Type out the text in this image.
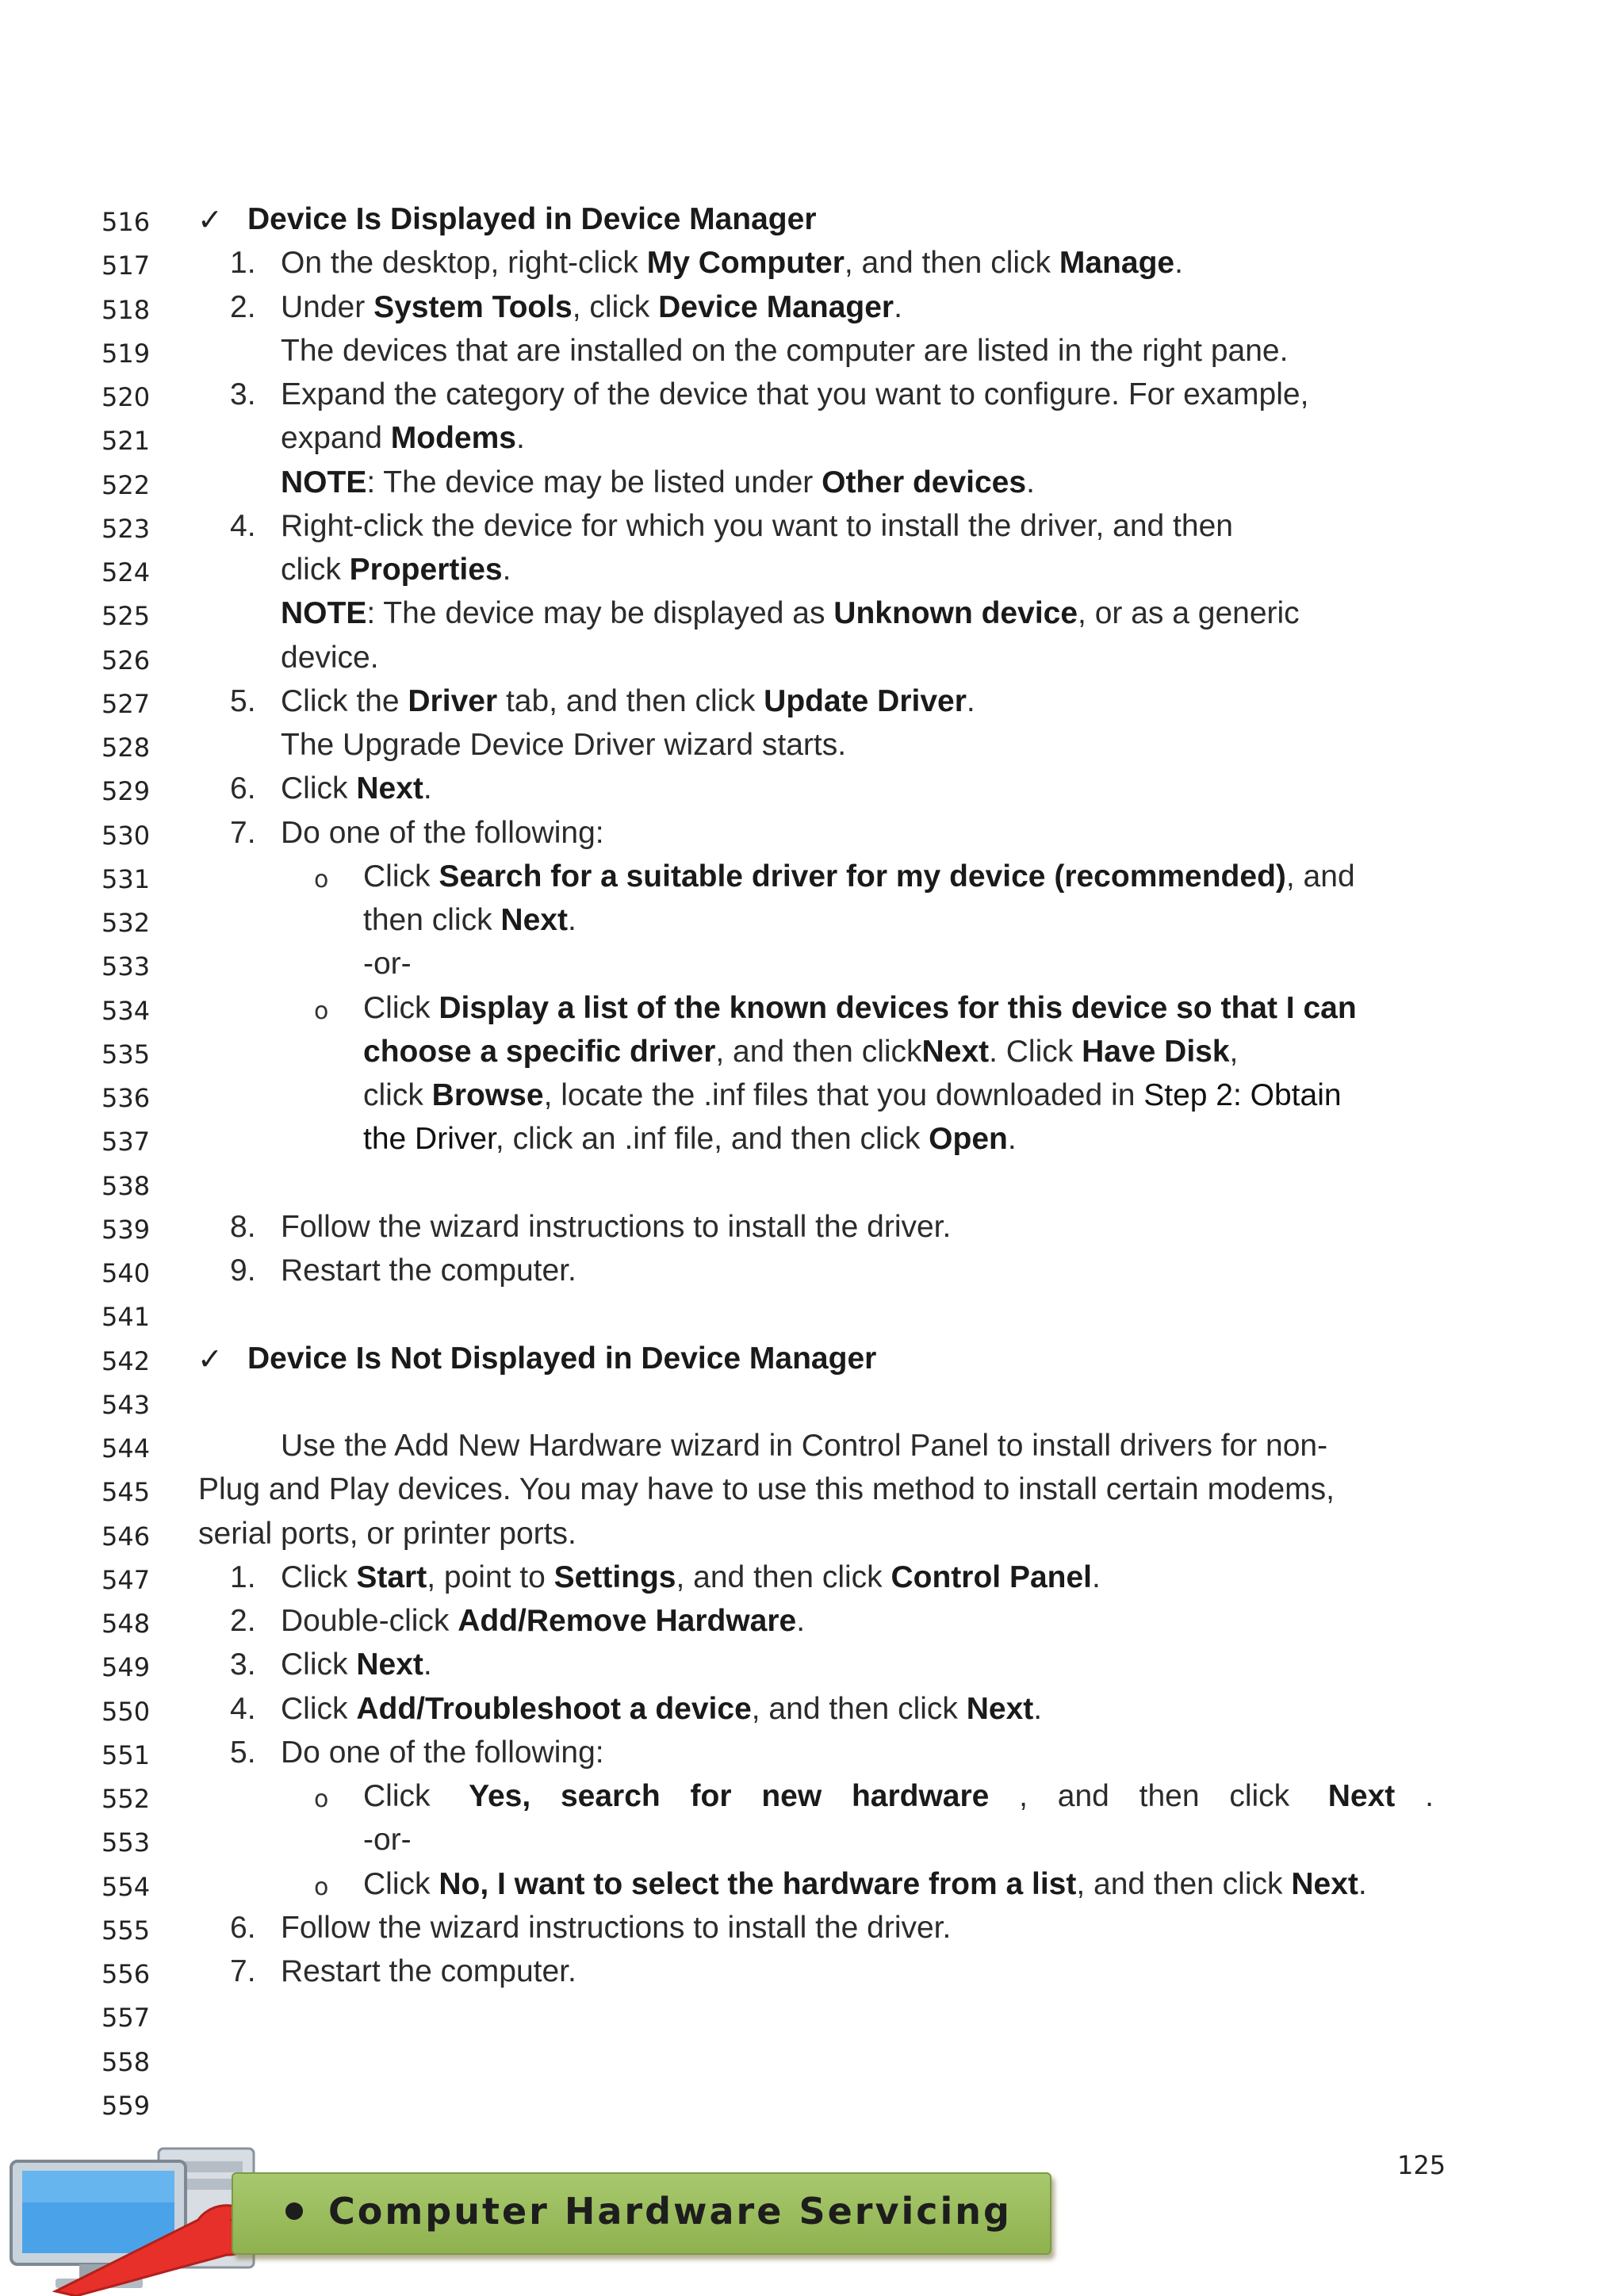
516 ✓ Device Is Displayed in Device Manager
517	1. On the desktop, right-click My Computer, and then click Manage.
518	2. Under System Tools, click Device Manager.
519	The devices that are installed on the computer are listed in the right pane.
520	3. Expand the category of the device that you want to configure. For example,
521	expand Modems.
522	NOTE: The device may be listed under Other devices.
523	4. Right-click the device for which you want to install the driver, and then
524	click Properties.
525	NOTE: The device may be displayed as Unknown device, or as a generic
526	device.
527	5. Click the Driver tab, and then click Update Driver.
528	The Upgrade Device Driver wizard starts.
529	6. Click Next.
530	7. Do one of the following:
531	o Click Search for a suitable driver for my device (recommended), and
532	then click Next.
533	-or-
534	o Click Display a list of the known devices for this device so that I can
535	choose a specific driver, and then clickNext. Click Have Disk,
536	click Browse, locate the .inf files that you downloaded in Step 2: Obtain
537	the Driver, click an .inf file, and then click Open.
538
539	8. Follow the wizard instructions to install the driver.
540	9. Restart the computer.
541
542 ✓ Device Is Not Displayed in Device Manager
543
544	Use the Add New Hardware wizard in Control Panel to install drivers for non-
545 Plug and Play devices. You may have to use this method to install certain modems,
546 serial ports, or printer ports.
547	1. Click Start, point to Settings, and then click Control Panel.
548	2. Double-click Add/Remove Hardware.
549	3. Click Next.
550	4. Click Add/Troubleshoot a device, and then click Next.
551	5. Do one of the following:
552	o Click Yes, search for new hardware , and then click Next .
553	-or-
554	o Click No, I want to select the hardware from a list, and then click Next.
555	6. Follow the wizard instructions to install the driver.
556	7. Restart the computer.
557
558
559
125
Computer Hardware Servicing
